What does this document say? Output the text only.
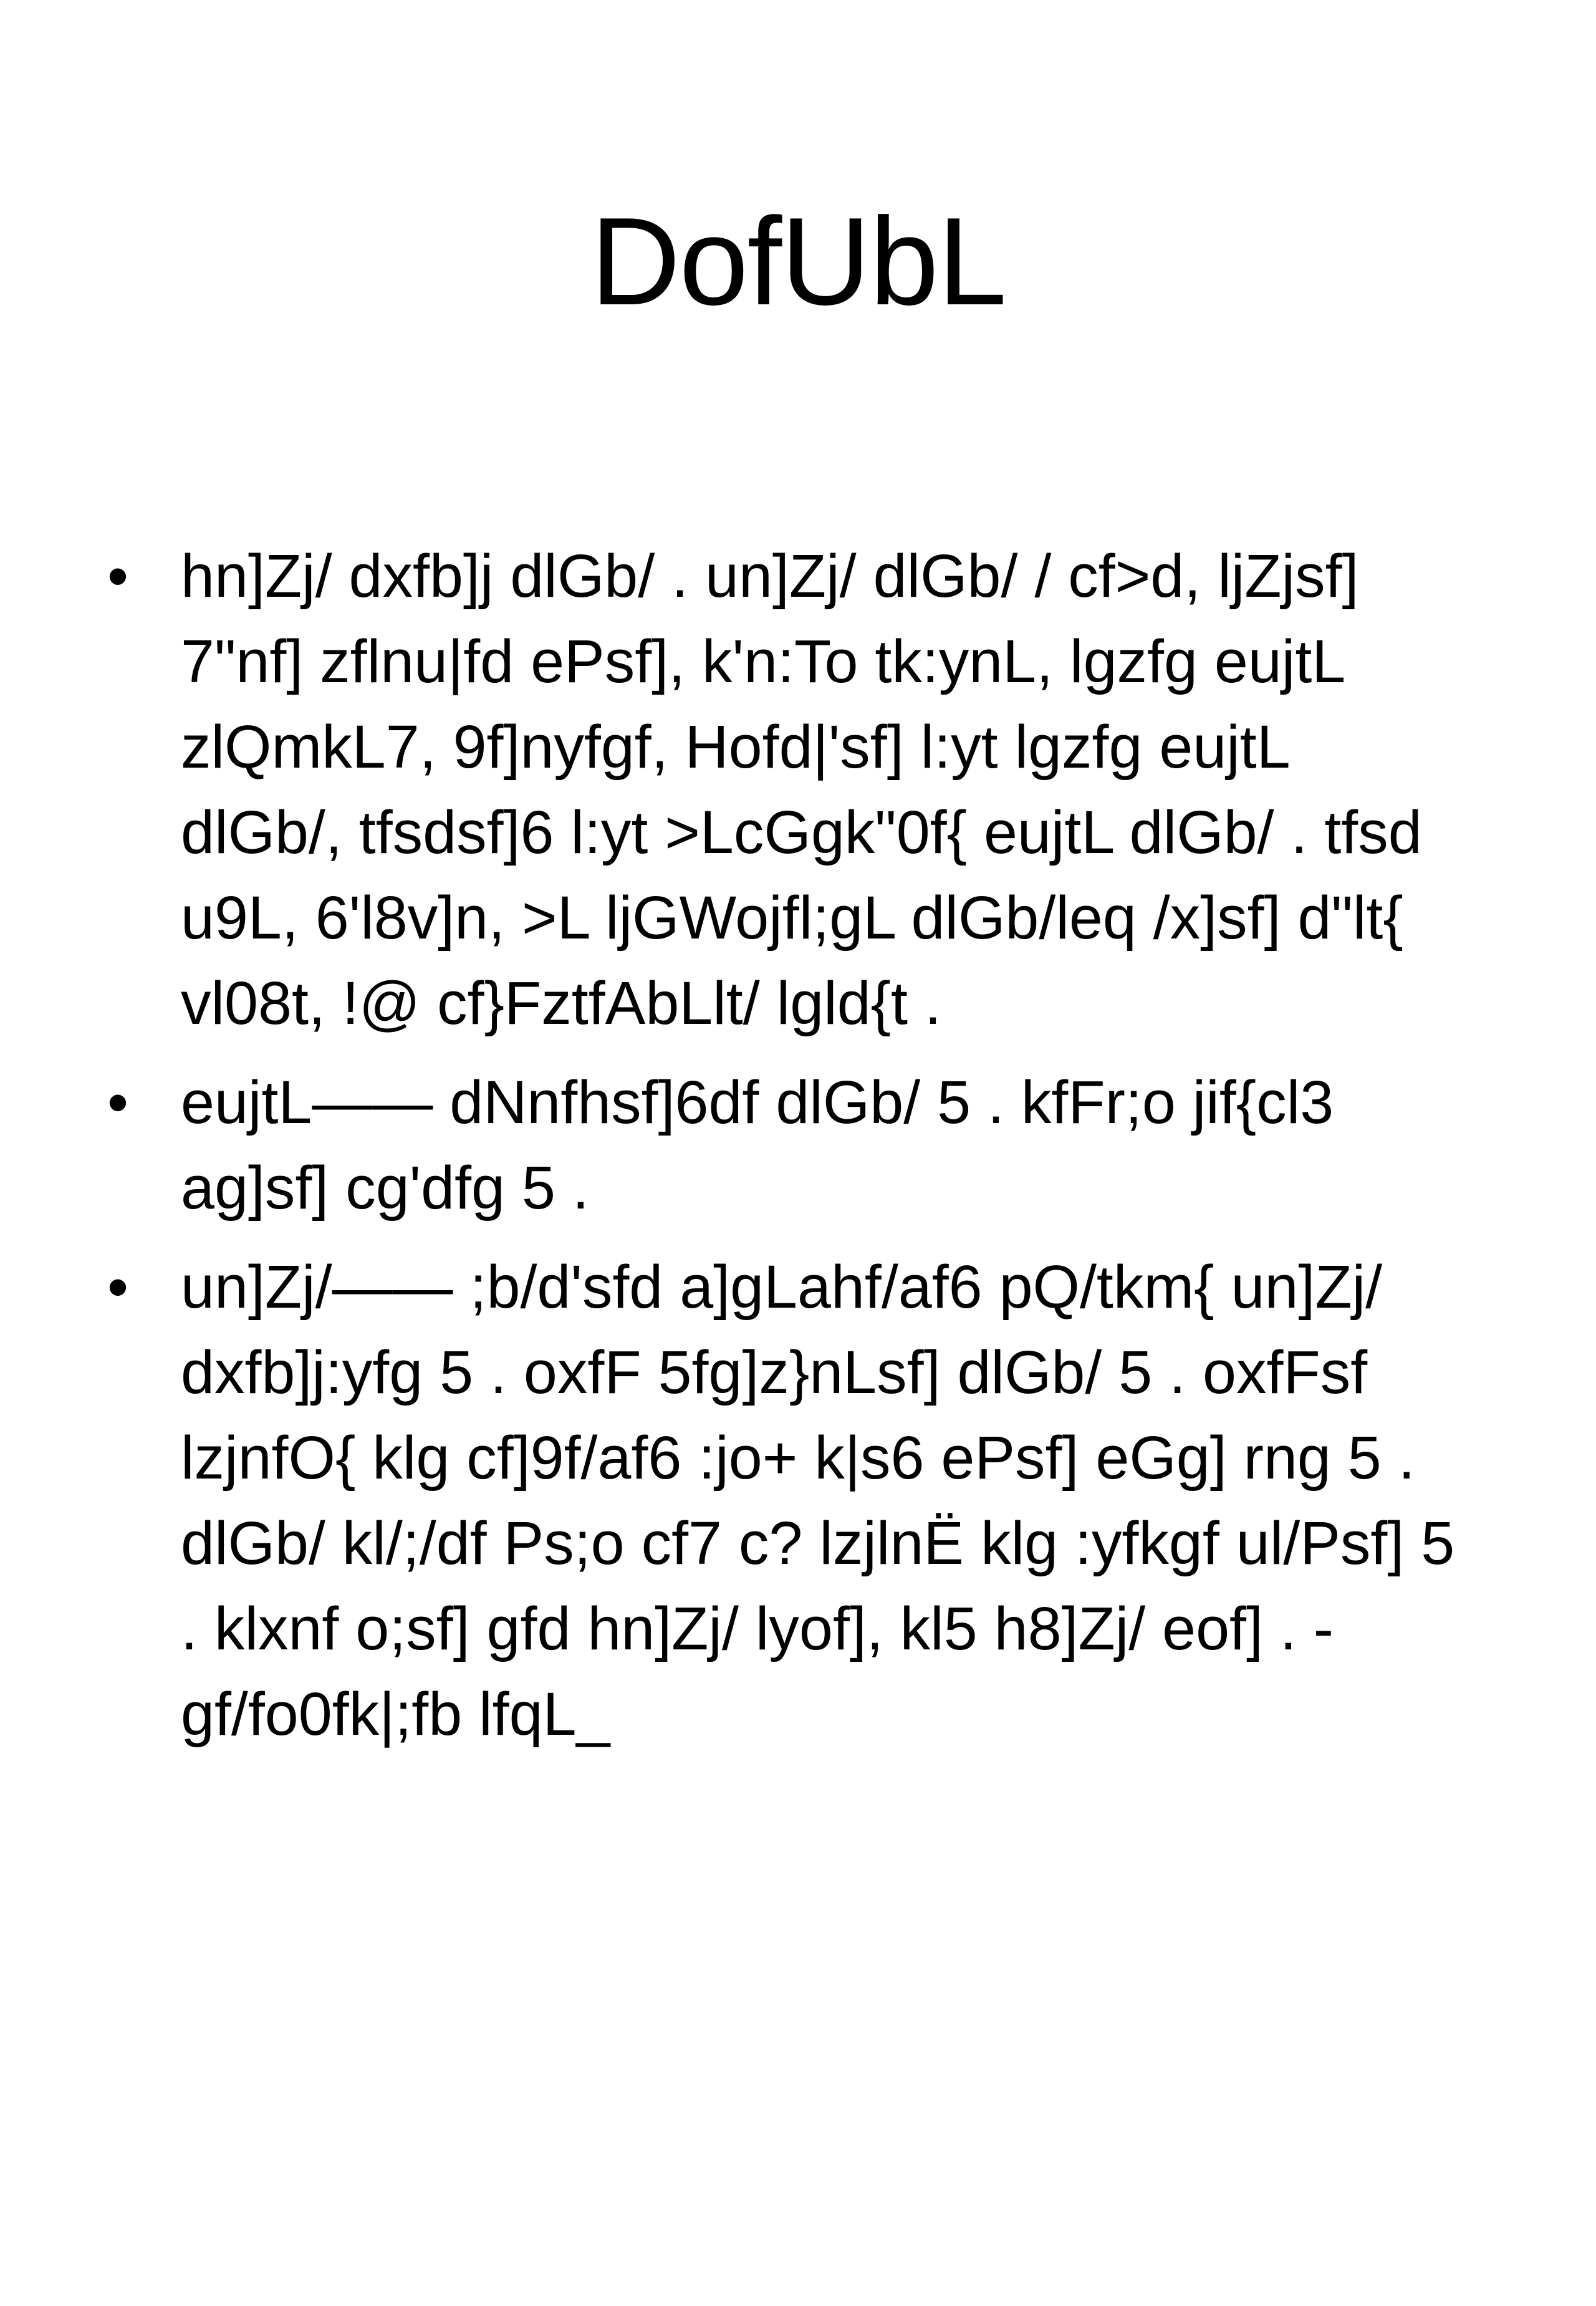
DofUbL
• hn]Zj/ dxfb]j dlGb/ . un]Zj/ dlGb/ / cf>d, ljZjsf]
7"nf] zflnu|fd ePsf], k'n:To tk:ynL, lgzfg eujtL
zlQmkL7, 9f]nyfgf, Hofd|'sf] l:yt lgzfg eujtL
dlGb/, tfsdsf]6 l:yt >LcGgk"0f{ eujtL dlGb/ . tfsd
u9L, 6'l8v]n, >L ljGWojfl;gL dlGb/leq /x]sf] d"lt{
vl08t, !@ cf}FztfAbLlt/ lgld{t .
• eujtL—— dNnfhsf]6df dlGb/ 5 . kfFr;o jif{cl3
ag]sf] cg'dfg 5 .
• un]Zj/—— ;b/d'sfd a]gLahf/af6 pQ/tkm{ un]Zj/
dxfb]j:yfg 5 . oxfF 5fg]z}nLsf] dlGb/ 5 . oxfFsf
lzjnfO{ klg cf]9f/af6 :jo+ k|s6 ePsf] eGg] rng 5 .
dlGb/ kl/;/df Ps;o cf7 c? lzjlnË klg :yfkgf ul/Psf] 5
. klxnf o;sf] gfd hn]Zj/ lyof], kl5 h8]Zj/ eof] . -
gf/fo0fk|;fb lfqL_
